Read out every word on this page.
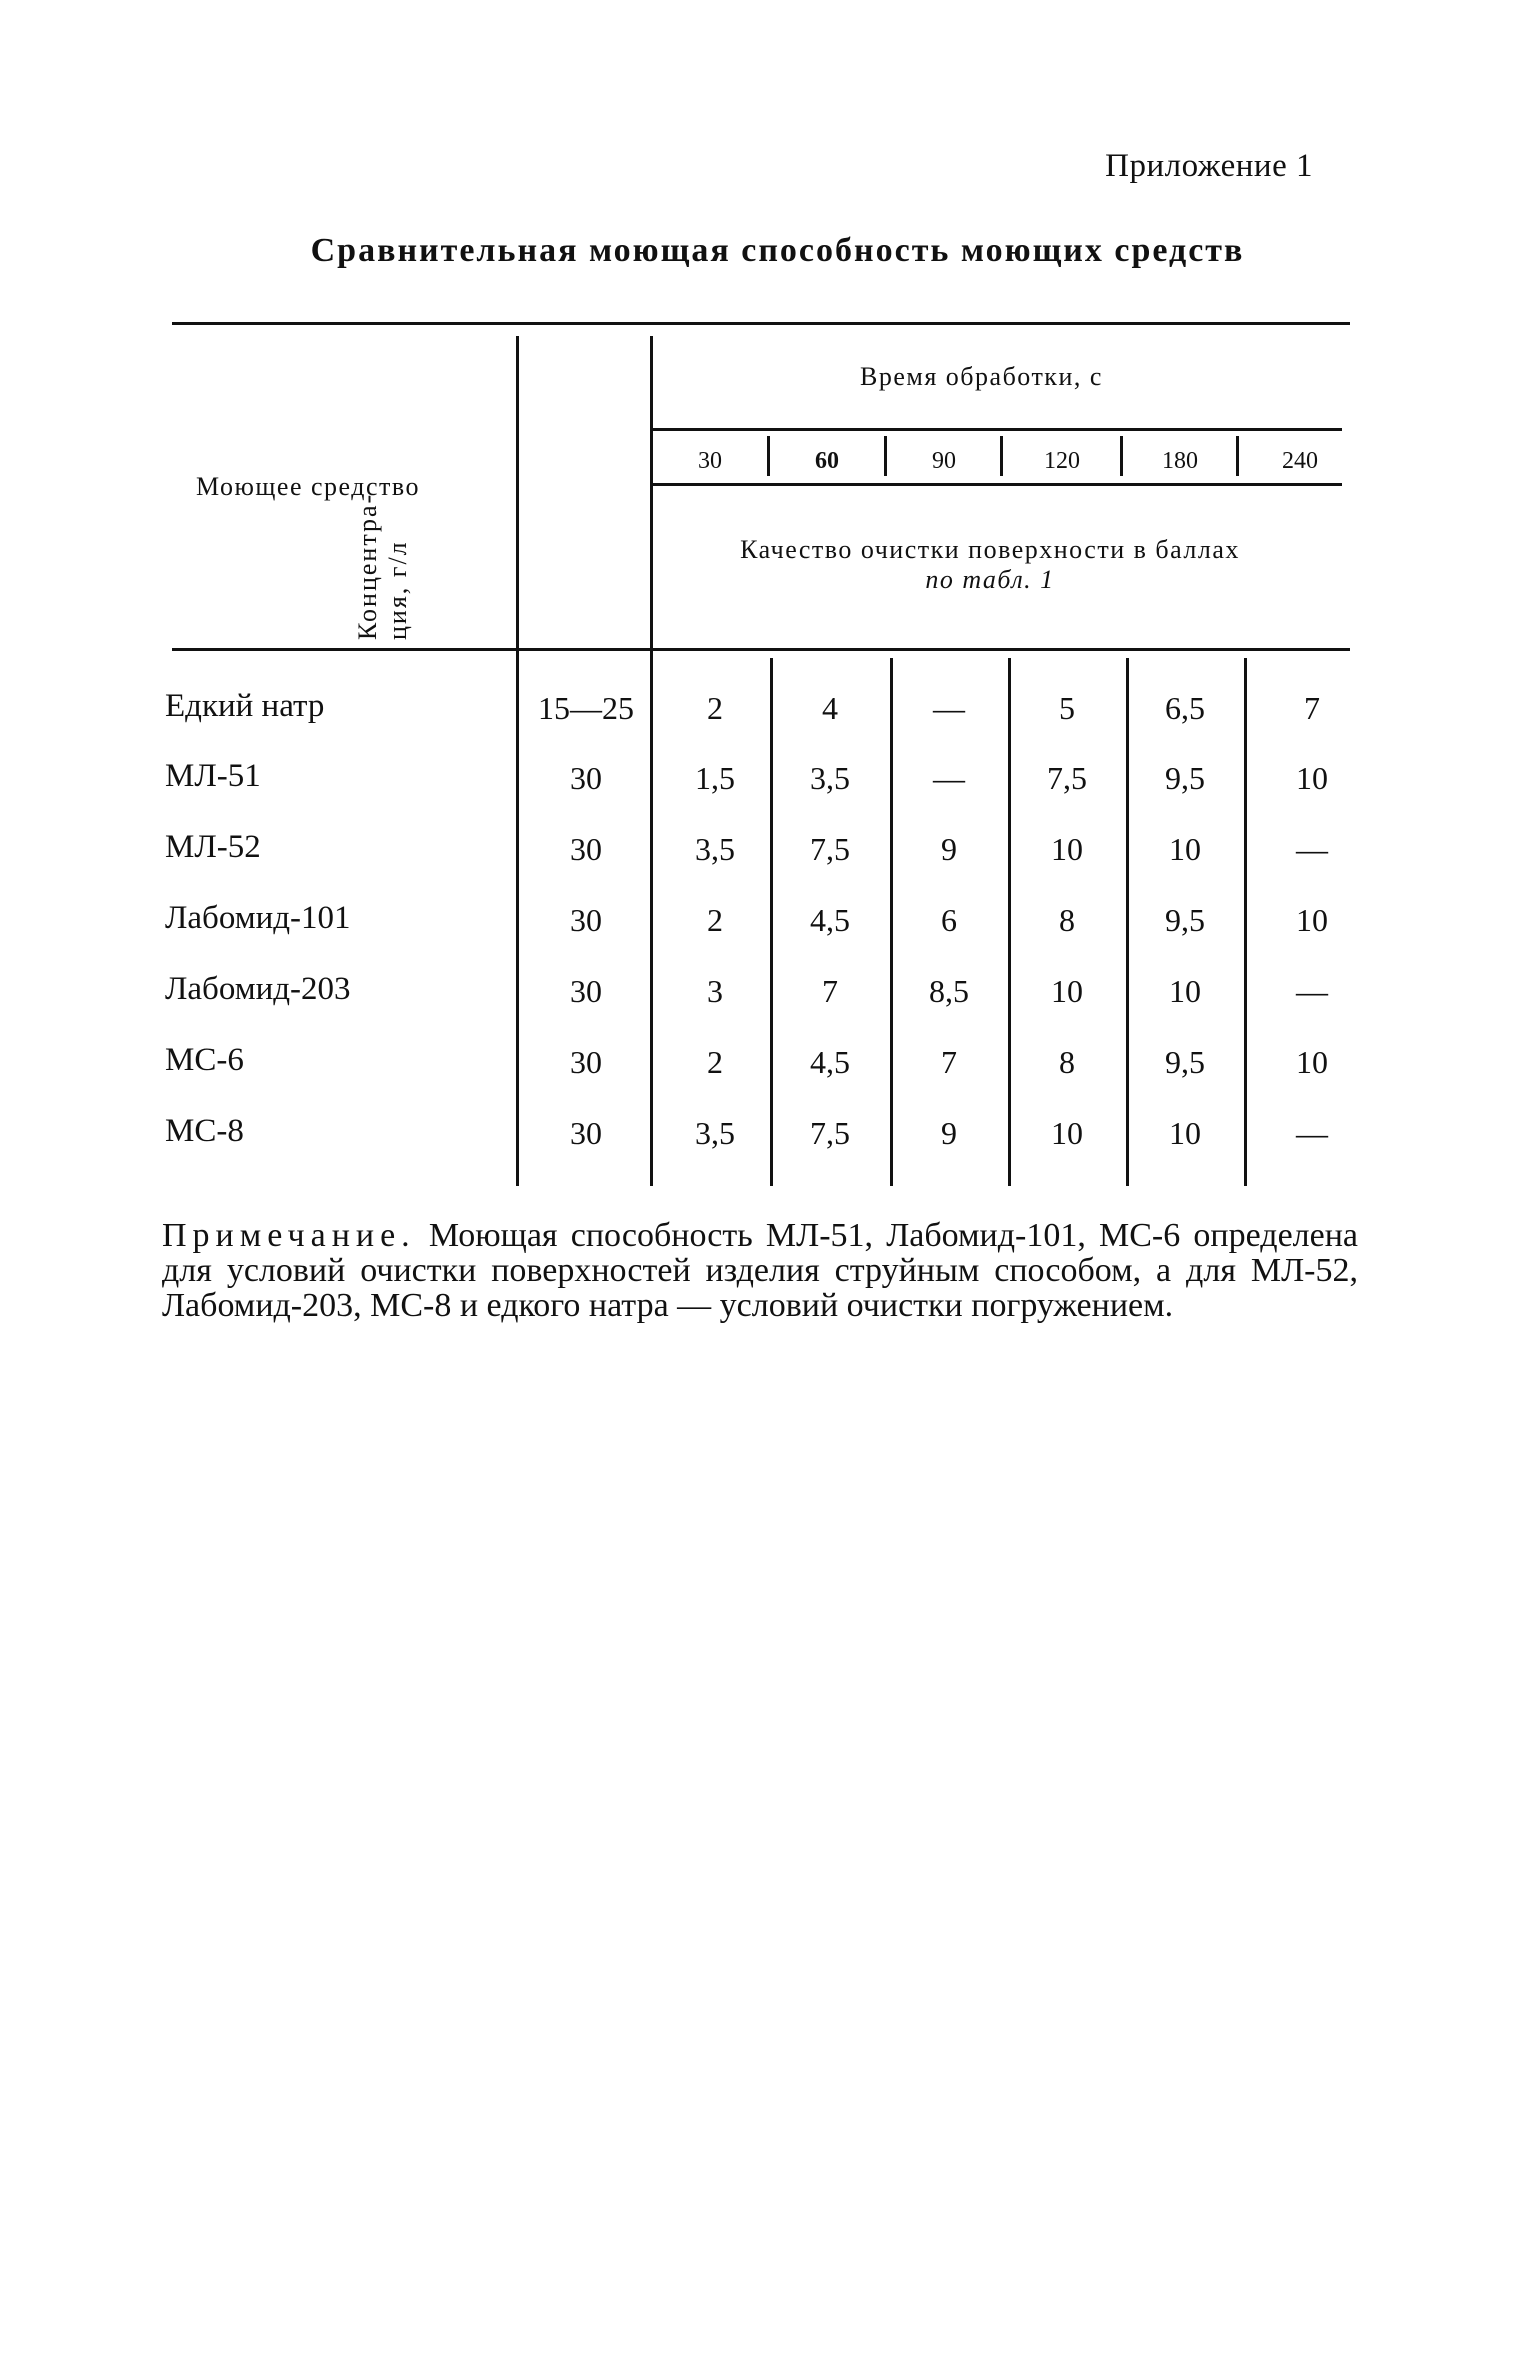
Приложение 1
Сравнительная моющая способность моющих средств
Моющее средство
Концентра- ция, г/л
Время обработки, с
30	60	90	120	180	240
Качество очистки поверхности в баллах
по табл. 1
Едкий натр	15—25	2	4	—	5	6,5	7
МЛ-51	30	1,5	3,5	—	7,5	9,5	10
МЛ-52	30	3,5	7,5	9	10	10	—
Лабомид-101	30	2	4,5	6	8	9,5	10
Лабомид-203	30	3	7	8,5	10	10	—
МС-6	30	2	4,5	7	8	9,5	10
МС-8	30	3,5	7,5	9	10	10	—
Примечание. Моющая способность МЛ-51, Лабомид-101, МС-6 определена для условий очистки поверхностей изделия струйным способом, а для МЛ-52, Лабомид-203, МС-8 и едкого натра — условий очистки погружением.
